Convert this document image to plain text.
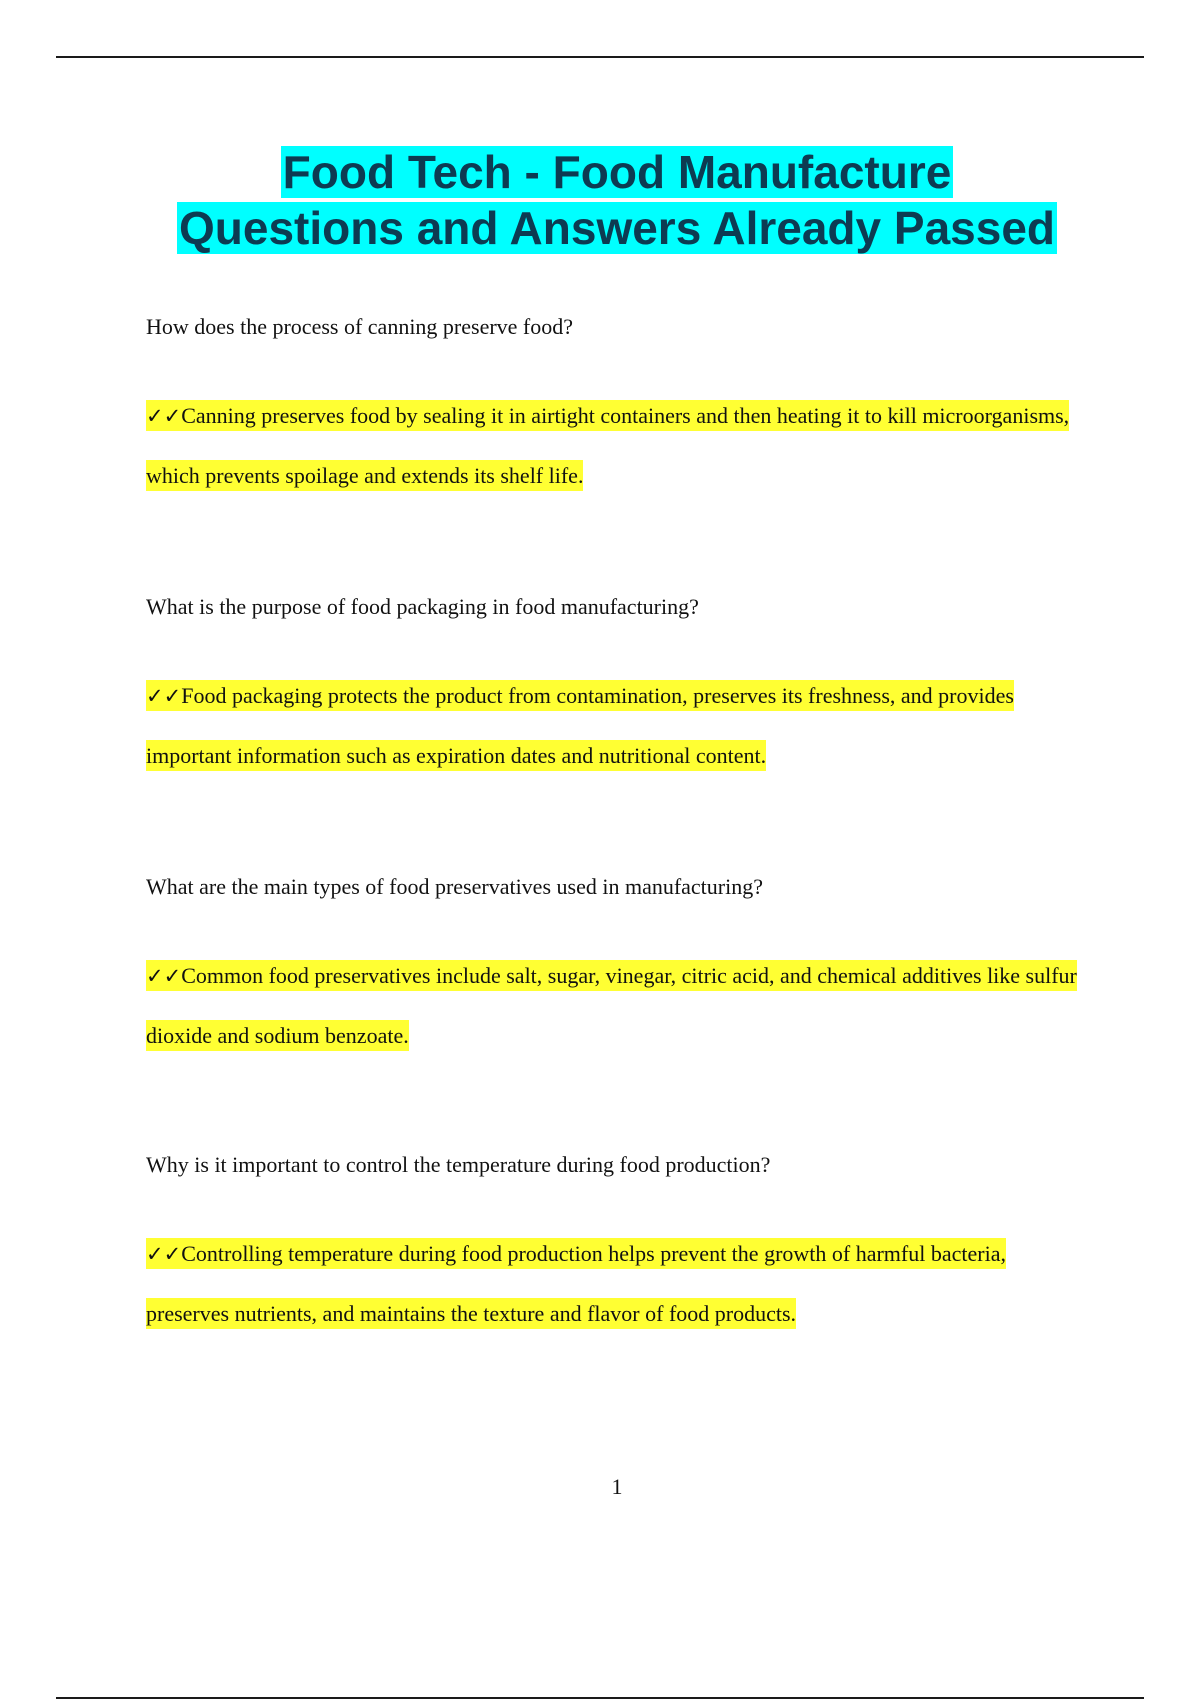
Food Tech - Food Manufacture
Questions and Answers Already Passed

How does the process of canning preserve food?

✓✓Canning preserves food by sealing it in airtight containers and then heating it to kill microorganisms, which prevents spoilage and extends its shelf life.

What is the purpose of food packaging in food manufacturing?

✓✓Food packaging protects the product from contamination, preserves its freshness, and provides important information such as expiration dates and nutritional content.

What are the main types of food preservatives used in manufacturing?

✓✓Common food preservatives include salt, sugar, vinegar, citric acid, and chemical additives like sulfur dioxide and sodium benzoate.

Why is it important to control the temperature during food production?

✓✓Controlling temperature during food production helps prevent the growth of harmful bacteria, preserves nutrients, and maintains the texture and flavor of food products.
1
